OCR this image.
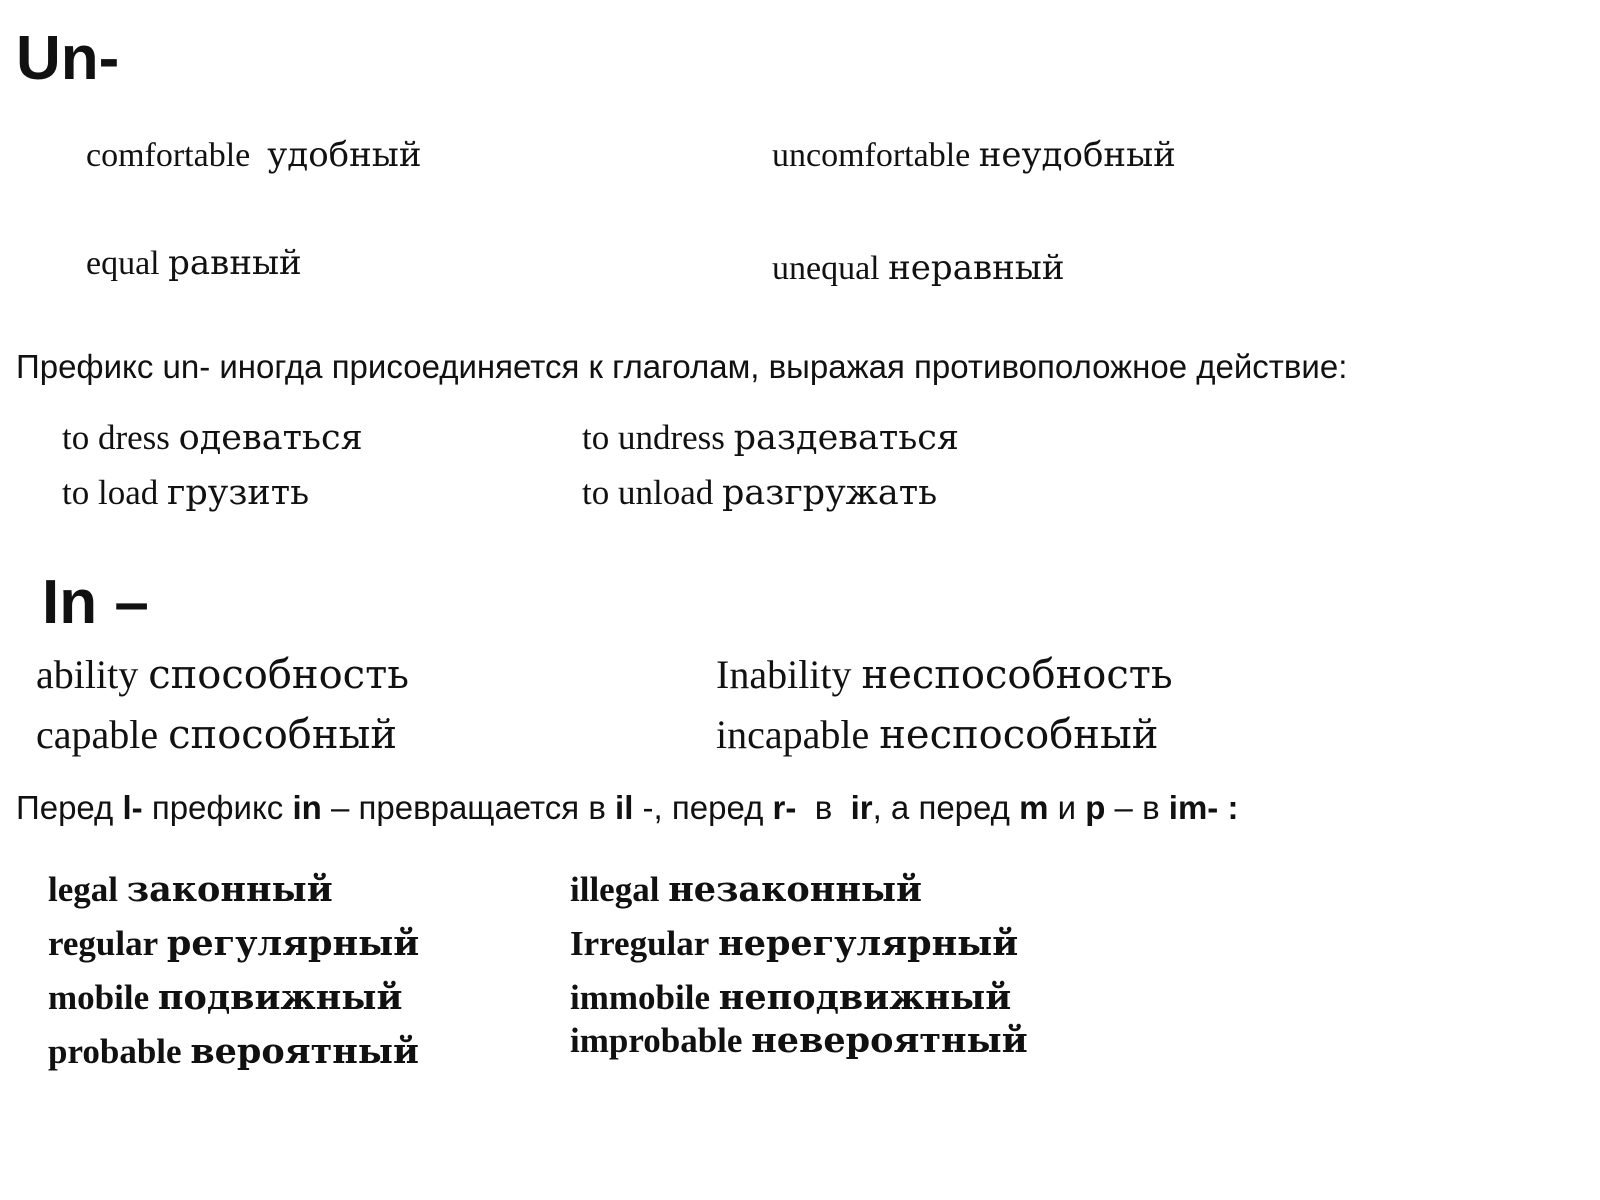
Un-
comfortable удобный	uncomfortable неудобный
equal равный	unequal неравный
Префикс un- иногда присоединяется к глаголам, выражая противоположное действие:
to dress одеваться	to undress раздеваться
to load грузить	to unload разгружать
In –
ability способность	Inability неспособность
capable способный	incapable неспособный
Перед l- префикс in – превращается в il -, перед r-  в  ir, а перед m и p – в im- :
legal законный	illegal незаконный
regular регулярный	Irregular нерегулярный
mobile подвижный	immobile неподвижный
probable вероятный	improbable невероятный
